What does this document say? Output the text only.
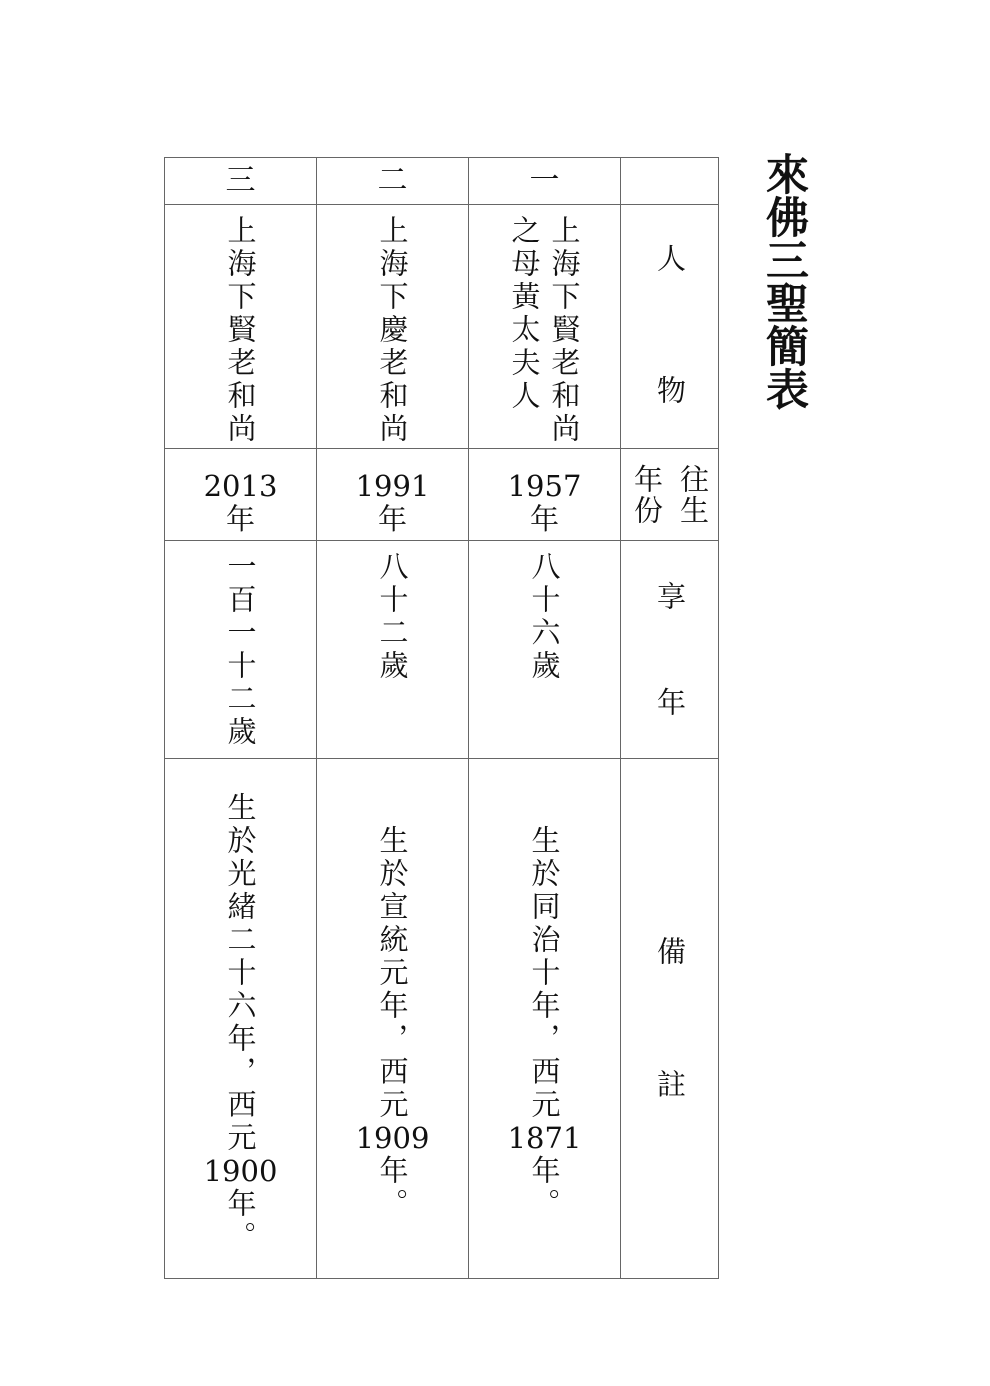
來佛三聖簡表
一
二
三
人
物
上海下賢老和尚
之母黃太夫人
上海下慶老和尚
上海下賢老和尚
往生
年份
1957
年
1991
年
2013
年
享
年
八十六歲
八十二歲
一百一十二歲
備
註
生於同治十年，西元
1871
年。
生於宣統元年，西元
1909
年。
生於光緒二十六年，西元
1900
年。
